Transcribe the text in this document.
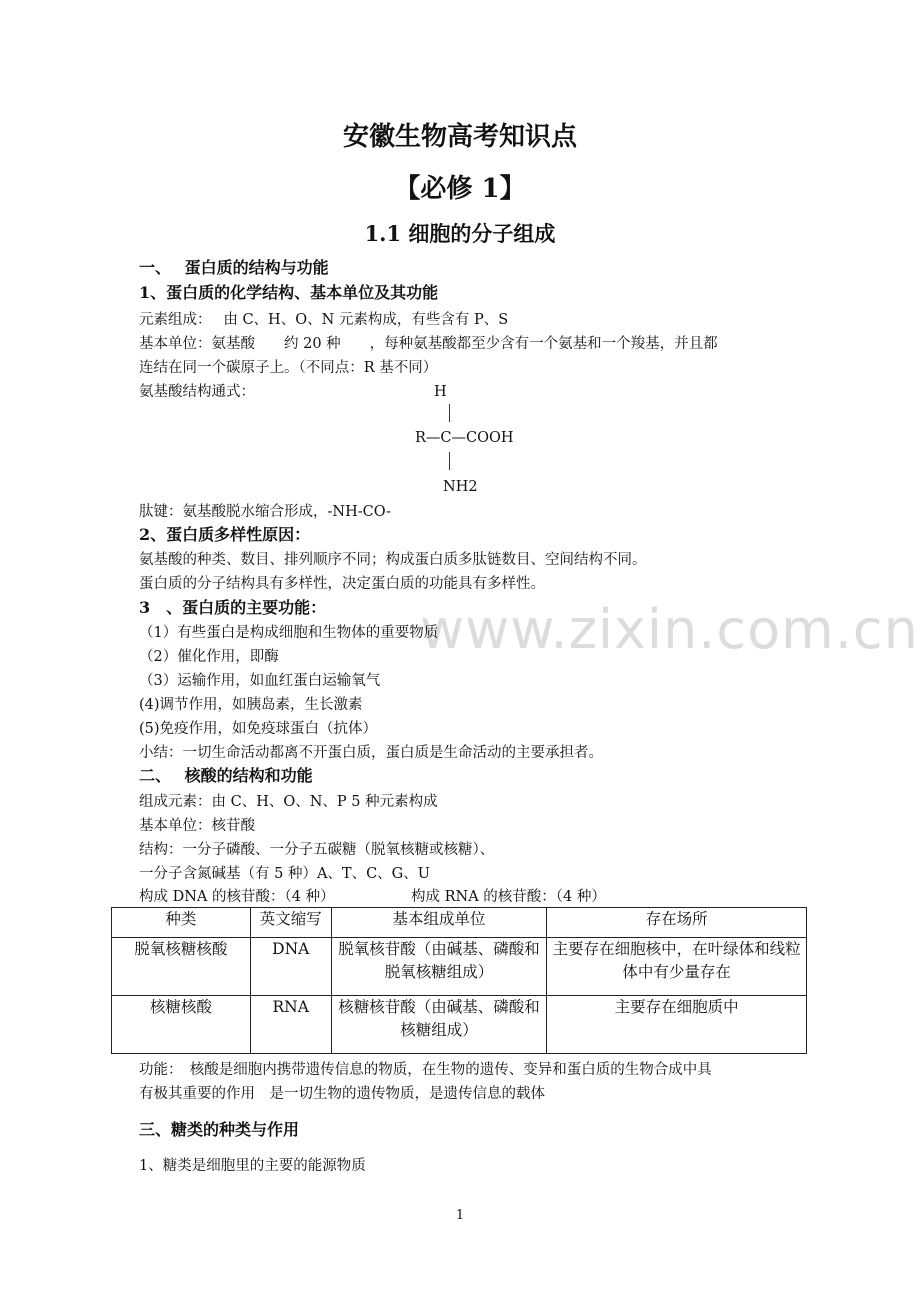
www.zixin.com.cn
安徽生物高考知识点
【必修 1】
1.1 细胞的分子组成
一、　 蛋白质的结构与功能
1、蛋白质的化学结构、基本单位及其功能
元素组成：　 由 C、H、O、N 元素构成，有些含有 P、S
基本单位：氨基酸　　约 20 种　　，每种氨基酸都至少含有一个氨基和一个羧基，并且都
连结在同一个碳原子上。（不同点：R 基不同）
氨基酸结构通式：	H
R—C—COOH
NH2
肽键：氨基酸脱水缩合形成，-NH-CO-
2、蛋白质多样性原因：
氨基酸的种类、数目、排列顺序不同；构成蛋白质多肽链数目、空间结构不同。
蛋白质的分子结构具有多样性，决定蛋白质的功能具有多样性。
3　、蛋白质的主要功能：
（1）有些蛋白是构成细胞和生物体的重要物质
（2）催化作用，即酶
（3）运输作用，如血红蛋白运输氧气
(4)调节作用，如胰岛素，生长激素
(5)免疫作用，如免疫球蛋白（抗体）
小结：一切生命活动都离不开蛋白质，蛋白质是生命活动的主要承担者。
二、　 核酸的结构和功能
组成元素：由 C、H、O、N、P 5 种元素构成
基本单位：核苷酸
结构：一分子磷酸、一分子五碳糖（脱氧核糖或核糖）、
一分子含氮碱基（有 5 种）A、T、C、G、U
构成 DNA 的核苷酸：（4 种）	构成 RNA 的核苷酸：（4 种）
种类	英文缩写	基本组成单位	存在场所
脱氧核糖核酸	DNA	脱氧核苷酸（由碱基、磷酸和脱氧核糖组成）	主要存在细胞核中，在叶绿体和线粒体中有少量存在
核糖核酸	RNA	核糖核苷酸（由碱基、磷酸和核糖组成）	主要存在细胞质中
功能：　核酸是细胞内携带遗传信息的物质，在生物的遗传、变异和蛋白质的生物合成中具
有极其重要的作用　是一切生物的遗传物质，是遗传信息的载体
三、糖类的种类与作用
1、糖类是细胞里的主要的能源物质
1
